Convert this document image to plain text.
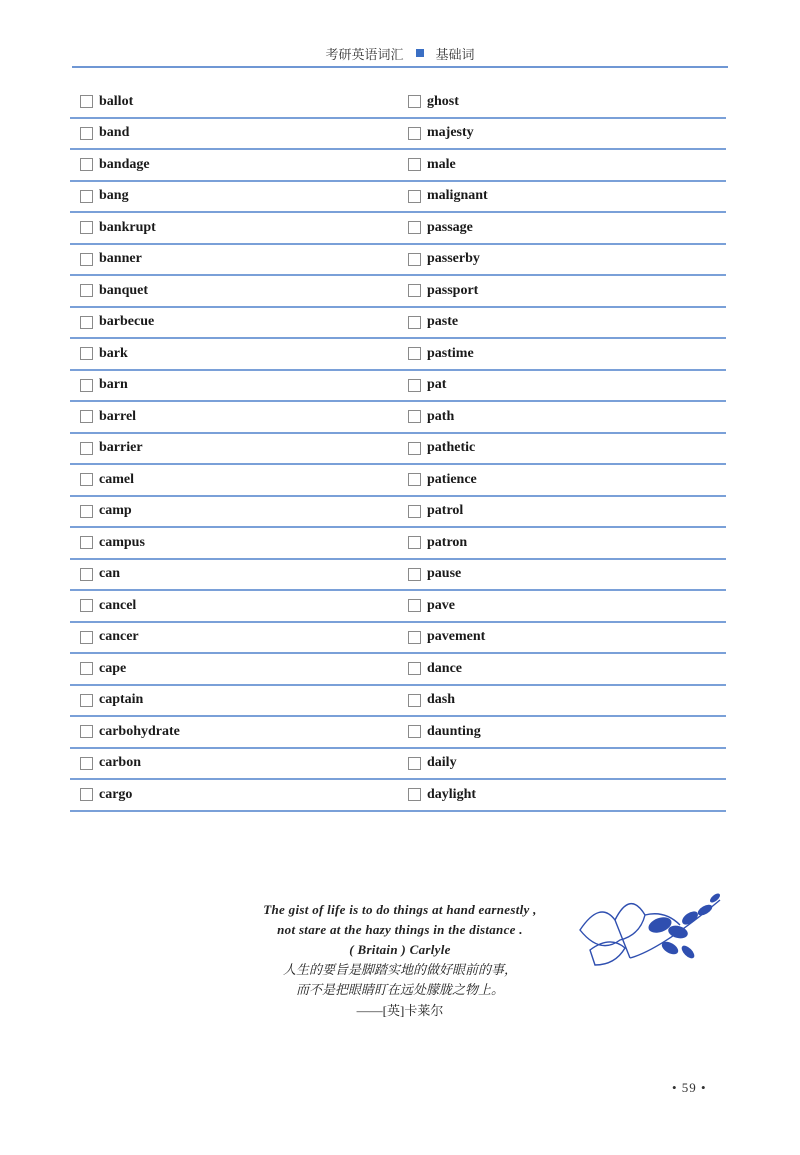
考研英语词汇 基础词
ballot
band
bandage
bang
bankrupt
banner
banquet
barbecue
bark
barn
barrel
barrier
camel
camp
campus
can
cancel
cancer
cape
captain
carbohydrate
carbon
cargo
ghost
majesty
male
malignant
passage
passerby
passport
paste
pastime
pat
path
pathetic
patience
patrol
patron
pause
pave
pavement
dance
dash
daunting
daily
daylight
The gist of life is to do things at hand earnestly ,
not stare at the hazy things in the distance .
( Britain ) Carlyle
人生的要旨是脚踏实地的做好眼前的事，
而不是把眼睛盯在远处朦胧之物上。
——[英]卡莱尔
• 59 •
